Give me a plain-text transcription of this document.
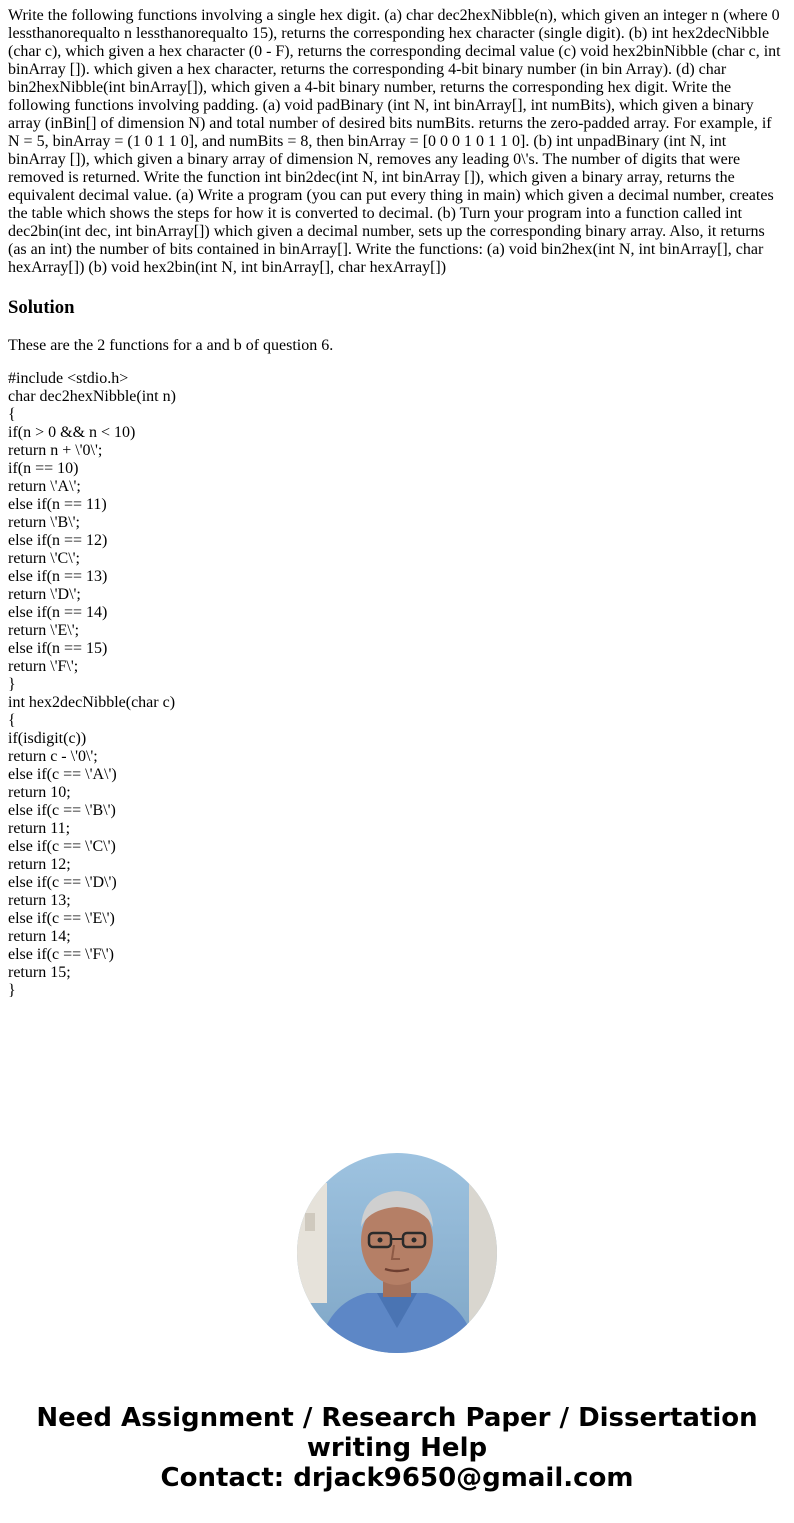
Write the following functions involving a single hex digit. (a) char dec2hexNibble(n), which given an integer n (where 0 lessthanorequalto n lessthanorequalto 15), returns the corresponding hex character (single digit). (b) int hex2decNibble (char c), which given a hex character (0 - F), returns the corresponding decimal value (c) void hex2binNibble (char c, int binArray []). which given a hex character, returns the corresponding 4-bit binary number (in bin Array). (d) char bin2hexNibble(int binArray[]), which given a 4-bit binary number, returns the corresponding hex digit. Write the following functions involving padding. (a) void padBinary (int N, int binArray[], int numBits), which given a binary array (inBin[] of dimension N) and total number of desired bits numBits. returns the zero-padded array. For example, if N = 5, binArray = (1 0 1 1 0], and numBits = 8, then binArray = [0 0 0 1 0 1 1 0]. (b) int unpadBinary (int N, int binArray []), which given a binary array of dimension N, removes any leading 0\'s. The number of digits that were removed is returned. Write the function int bin2dec(int N, int binArray []), which given a binary array, returns the equivalent decimal value. (a) Write a program (you can put every thing in main) which given a decimal number, creates the table which shows the steps for how it is converted to decimal. (b) Turn your program into a function called int dec2bin(int dec, int binArray[]) which given a decimal number, sets up the corresponding binary array. Also, it returns (as an int) the number of bits contained in binArray[]. Write the functions: (a) void bin2hex(int N, int binArray[], char hexArray[]) (b) void hex2bin(int N, int binArray[], char hexArray[])

Solution

These are the 2 functions for a and b of question 6.

#include <stdio.h>
char dec2hexNibble(int n)
{
if(n > 0 && n < 10)
return n + \'0\';
if(n == 10)
return \'A\';
else if(n == 11)
return \'B\';
else if(n == 12)
return \'C\';
else if(n == 13)
return \'D\';
else if(n == 14)
return \'E\';
else if(n == 15)
return \'F\';
}
int hex2decNibble(char c)
{
if(isdigit(c))
return c - \'0\';
else if(c == \'A\')
return 10;
else if(c == \'B\')
return 11;
else if(c == \'C\')
return 12;
else if(c == \'D\')
return 13;
else if(c == \'E\')
return 14;
else if(c == \'F\')
return 15;
}
Need Assignment / Research Paper / Dissertation
writing Help
Contact: drjack9650@gmail.com
